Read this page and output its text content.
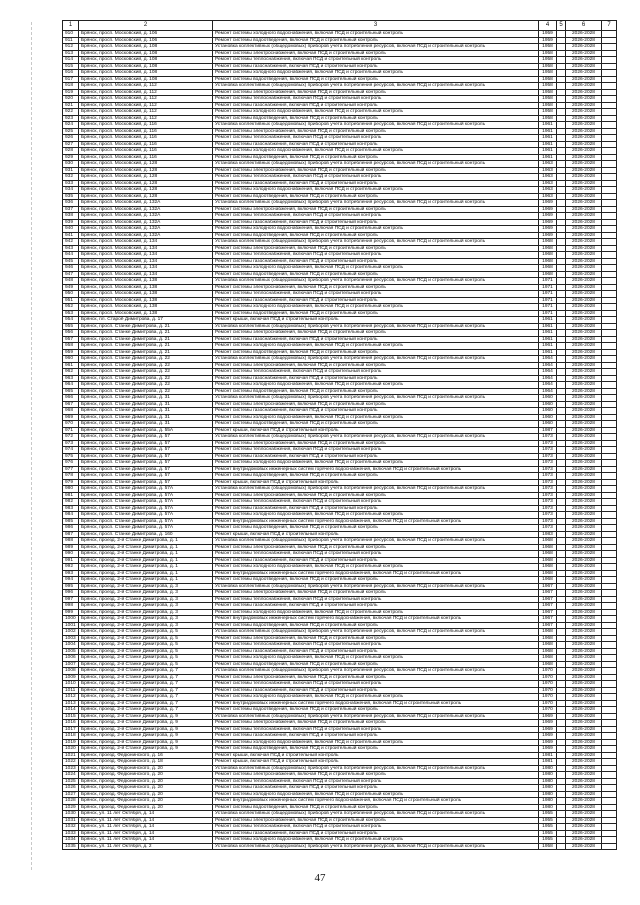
1	2	3	4	5	6	7
910	Брянск, просп. Московский, д. 106	Ремонт системы холодного водоснабжения, включая ПСД и строительный контроль	1959		2026-2028	
911	Брянск, просп. Московский, д. 106	Ремонт системы водоотведения, включая ПСД и строительный контроль	1959		2026-2028	
912	Брянск, просп. Московский, д. 108	Установка коллективных (общедомовых) приборов учета потребления ресурсов, включая ПСД и строительный контроль	1958		2026-2028	
913	Брянск, просп. Московский, д. 108	Ремонт системы электроснабжения, включая ПСД и строительный контроль	1958		2026-2028	
914	Брянск, просп. Московский, д. 108	Ремонт системы теплоснабжения, включая ПСД и строительный контроль	1958		2026-2028	
915	Брянск, просп. Московский, д. 108	Ремонт системы газоснабжения, включая ПСД и строительный контроль	1958		2026-2028	
916	Брянск, просп. Московский, д. 108	Ремонт системы холодного водоснабжения, включая ПСД и строительный контроль	1958		2026-2028	
917	Брянск, просп. Московский, д. 108	Ремонт системы водоотведения, включая ПСД и строительный контроль	1958		2026-2028	
918	Брянск, просп. Московский, д. 112	Установка коллективных (общедомовых) приборов учета потребления ресурсов, включая ПСД и строительный контроль	1958		2026-2028	
919	Брянск, просп. Московский, д. 112	Ремонт системы электроснабжения, включая ПСД и строительный контроль	1958		2026-2028	
920	Брянск, просп. Московский, д. 112	Ремонт системы теплоснабжения, включая ПСД и строительный контроль	1958		2026-2028	
921	Брянск, просп. Московский, д. 112	Ремонт системы газоснабжения, включая ПСД и строительный контроль	1958		2026-2028	
922	Брянск, просп. Московский, д. 112	Ремонт системы холодного водоснабжения, включая ПСД и строительный контроль	1958		2026-2028	
923	Брянск, просп. Московский, д. 112	Ремонт системы водоотведения, включая ПСД и строительный контроль	1958		2026-2028	
924	Брянск, просп. Московский, д. 116	Установка коллективных (общедомовых) приборов учета потребления ресурсов, включая ПСД и строительный контроль	1961		2026-2028	
925	Брянск, просп. Московский, д. 116	Ремонт системы электроснабжения, включая ПСД и строительный контроль	1961		2026-2028	
926	Брянск, просп. Московский, д. 116	Ремонт системы теплоснабжения, включая ПСД и строительный контроль	1961		2026-2028	
927	Брянск, просп. Московский, д. 116	Ремонт системы газоснабжения, включая ПСД и строительный контроль	1961		2026-2028	
928	Брянск, просп. Московский, д. 116	Ремонт системы холодного водоснабжения, включая ПСД и строительный контроль	1961		2026-2028	
929	Брянск, просп. Московский, д. 116	Ремонт системы водоотведения, включая ПСД и строительный контроль	1961		2026-2028	
930	Брянск, просп. Московский, д. 128	Установка коллективных (общедомовых) приборов учета потребления ресурсов, включая ПСД и строительный контроль	1963		2026-2028	
931	Брянск, просп. Московский, д. 128	Ремонт системы электроснабжения, включая ПСД и строительный контроль	1963		2026-2028	
932	Брянск, просп. Московский, д. 128	Ремонт системы теплоснабжения, включая ПСД и строительный контроль	1963		2026-2028	
933	Брянск, просп. Московский, д. 128	Ремонт системы газоснабжения, включая ПСД и строительный контроль	1963		2026-2028	
934	Брянск, просп. Московский, д. 128	Ремонт системы холодного водоснабжения, включая ПСД и строительный контроль	1963		2026-2028	
935	Брянск, просп. Московский, д. 128	Ремонт системы водоотведения, включая ПСД и строительный контроль	1963		2026-2028	
936	Брянск, просп. Московский, д. 132А	Установка коллективных (общедомовых) приборов учета потребления ресурсов, включая ПСД и строительный контроль	1969		2026-2028	
937	Брянск, просп. Московский, д. 132А	Ремонт системы электроснабжения, включая ПСД и строительный контроль	1969		2026-2028	
938	Брянск, просп. Московский, д. 132А	Ремонт системы теплоснабжения, включая ПСД и строительный контроль	1969		2026-2028	
939	Брянск, просп. Московский, д. 132А	Ремонт системы газоснабжения, включая ПСД и строительный контроль	1969		2026-2028	
940	Брянск, просп. Московский, д. 132А	Ремонт системы холодного водоснабжения, включая ПСД и строительный контроль	1969		2026-2028	
941	Брянск, просп. Московский, д. 132А	Ремонт системы водоотведения, включая ПСД и строительный контроль	1969		2026-2028	
942	Брянск, просп. Московский, д. 134	Установка коллективных (общедомовых) приборов учета потребления ресурсов, включая ПСД и строительный контроль	1968		2026-2028	
943	Брянск, просп. Московский, д. 134	Ремонт системы электроснабжения, включая ПСД и строительный контроль	1968		2026-2028	
944	Брянск, просп. Московский, д. 134	Ремонт системы теплоснабжения, включая ПСД и строительный контроль	1968		2026-2028	
945	Брянск, просп. Московский, д. 134	Ремонт системы газоснабжения, включая ПСД и строительный контроль	1968		2026-2028	
946	Брянск, просп. Московский, д. 134	Ремонт системы холодного водоснабжения, включая ПСД и строительный контроль	1968		2026-2028	
947	Брянск, просп. Московский, д. 134	Ремонт системы водоотведения, включая ПСД и строительный контроль	1968		2026-2028	
948	Брянск, просп. Московский, д. 138	Установка коллективных (общедомовых) приборов учета потребления ресурсов, включая ПСД и строительный контроль	1971		2026-2028	
949	Брянск, просп. Московский, д. 138	Ремонт системы электроснабжения, включая ПСД и строительный контроль	1971		2026-2028	
950	Брянск, просп. Московский, д. 138	Ремонт системы теплоснабжения, включая ПСД и строительный контроль	1971		2026-2028	
951	Брянск, просп. Московский, д. 138	Ремонт системы газоснабжения, включая ПСД и строительный контроль	1971		2026-2028	
952	Брянск, просп. Московский, д. 138	Ремонт системы холодного водоснабжения, включая ПСД и строительный контроль	1971		2026-2028	
953	Брянск, просп. Московский, д. 138	Ремонт системы водоотведения, включая ПСД и строительный контроль	1971		2026-2028	
954	Брянск, пл. Староё Димитрова, д. 17	Ремонт крыши, включая ПСД и строительный контроль	1961		2026-2028	
955	Брянск, просп. Станке Димитрова, д. 21	Установка коллективных (общедомовых) приборов учета потребления ресурсов, включая ПСД и строительный контроль	1961		2026-2028	
956	Брянск, просп. Станке Димитрова, д. 21	Ремонт системы электроснабжения, включая ПСД и строительный контроль	1961		2026-2028	
957	Брянск, просп. Станке Димитрова, д. 21	Ремонт системы газоснабжения, включая ПСД и строительный контроль	1961		2026-2028	
958	Брянск, просп. Станке Димитрова, д. 21	Ремонт системы холодного водоснабжения, включая ПСД и строительный контроль	1961		2026-2028	
959	Брянск, просп. Станке Димитрова, д. 21	Ремонт системы водоотведения, включая ПСД и строительный контроль	1961		2026-2028	
960	Брянск, просп. Станке Димитрова, д. 22	Установка коллективных (общедомовых) приборов учета потребления ресурсов, включая ПСД и строительный контроль	1964		2026-2028	
961	Брянск, просп. Станке Димитрова, д. 22	Ремонт системы электроснабжения, включая ПСД и строительный контроль	1964		2026-2028	
962	Брянск, просп. Станке Димитрова, д. 22	Ремонт системы теплоснабжения, включая ПСД и строительный контроль	1964		2026-2028	
963	Брянск, просп. Станке Димитрова, д. 22	Ремонт системы газоснабжения, включая ПСД и строительный контроль	1964		2026-2028	
964	Брянск, просп. Станке Димитрова, д. 22	Ремонт системы холодного водоснабжения, включая ПСД и строительный контроль	1964		2026-2028	
965	Брянск, просп. Станке Димитрова, д. 22	Ремонт системы водоотведения, включая ПСД и строительный контроль	1964		2026-2028	
966	Брянск, просп. Станке Димитрова, д. 31	Установка коллективных (общедомовых) приборов учета потребления ресурсов, включая ПСД и строительный контроль	1960		2026-2028	
967	Брянск, просп. Станке Димитрова, д. 31	Ремонт системы электроснабжения, включая ПСД и строительный контроль	1960		2026-2028	
968	Брянск, просп. Станке Димитрова, д. 31	Ремонт системы газоснабжения, включая ПСД и строительный контроль	1960		2026-2028	
969	Брянск, просп. Станке Димитрова, д. 31	Ремонт системы холодного водоснабжения, включая ПСД и строительный контроль	1960		2026-2028	
970	Брянск, просп. Станке Димитрова, д. 31	Ремонт системы водоотведения, включая ПСД и строительный контроль	1960		2026-2028	
971	Брянск, просп. Станке Димитрова, д. 55А	Ремонт крыши, включая ПСД и строительный контроль	1987		2026-2028	
972	Брянск, просп. Станке Димитрова, д. 57	Установка коллективных (общедомовых) приборов учета потребления ресурсов, включая ПСД и строительный контроль	1973		2026-2028	
973	Брянск, просп. Станке Димитрова, д. 57	Ремонт системы электроснабжения, включая ПСД и строительный контроль	1973		2026-2028	
974	Брянск, просп. Станке Димитрова, д. 57	Ремонт системы теплоснабжения, включая ПСД и строительный контроль	1973		2026-2028	
975	Брянск, просп. Станке Димитрова, д. 57	Ремонт системы газоснабжения, включая ПСД и строительный контроль	1973		2026-2028	
976	Брянск, просп. Станке Димитрова, д. 57	Ремонт системы холодного водоснабжения, включая ПСД и строительный контроль	1973		2026-2028	
977	Брянск, просп. Станке Димитрова, д. 57	Ремонт внутридомовых инженерных систем горячего водоснабжения, включая ПСД и строительный контроль	1973		2026-2028	
978	Брянск, просп. Станке Димитрова, д. 57	Ремонт системы водоотведения, включая ПСД и строительный контроль	1973		2026-2028	
979	Брянск, просп. Станке Димитрова, д. 57	Ремонт крыши, включая ПСД и строительный контроль	1973		2026-2028	
980	Брянск, просп. Станке Димитрова, д. 57А	Установка коллективных (общедомовых) приборов учета потребления ресурсов, включая ПСД и строительный контроль	1973		2026-2028	
981	Брянск, просп. Станке Димитрова, д. 57А	Ремонт системы электроснабжения, включая ПСД и строительный контроль	1973		2026-2028	
982	Брянск, просп. Станке Димитрова, д. 57А	Ремонт системы теплоснабжения, включая ПСД и строительный контроль	1973		2026-2028	
983	Брянск, просп. Станке Димитрова, д. 57А	Ремонт системы газоснабжения, включая ПСД и строительный контроль	1973		2026-2028	
984	Брянск, просп. Станке Димитрова, д. 57А	Ремонт системы холодного водоснабжения, включая ПСД и строительный контроль	1973		2026-2028	
985	Брянск, просп. Станке Димитрова, д. 57А	Ремонт внутридомовых инженерных систем горячего водоснабжения, включая ПСД и строительный контроль	1973		2026-2028	
986	Брянск, просп. Станке Димитрова, д. 57А	Ремонт системы водоотведения, включая ПСД и строительный контроль	1973		2026-2028	
987	Брянск, просп. Станке Димитрова, д. 160	Ремонт крыши, включая ПСД и строительный контроль	1983		2026-2028	
988	Брянск, проезд. 2-й Станке Димитрова, д. 1	Установка коллективных (общедомовых) приборов учета потребления ресурсов, включая ПСД и строительный контроль	1968		2026-2028	
989	Брянск, проезд. 2-й Станке Димитрова, д. 1	Ремонт системы электроснабжения, включая ПСД и строительный контроль	1968		2026-2028	
990	Брянск, проезд. 2-й Станке Димитрова, д. 1	Ремонт системы теплоснабжения, включая ПСД и строительный контроль	1968		2026-2028	
991	Брянск, проезд. 2-й Станке Димитрова, д. 1	Ремонт системы газоснабжения, включая ПСД и строительный контроль	1968		2026-2028	
992	Брянск, проезд. 2-й Станке Димитрова, д. 1	Ремонт системы холодного водоснабжения, включая ПСД и строительный контроль	1968		2026-2028	
993	Брянск, проезд. 2-й Станке Димитрова, д. 1	Ремонт внутридомовых инженерных систем горячего водоснабжения, включая ПСД и строительный контроль	1968		2026-2028	
994	Брянск, проезд. 2-й Станке Димитрова, д. 1	Ремонт системы водоотведения, включая ПСД и строительный контроль	1968		2026-2028	
995	Брянск, проезд. 2-й Станке Димитрова, д. 3	Установка коллективных (общедомовых) приборов учета потребления ресурсов, включая ПСД и строительный контроль	1967		2026-2028	
996	Брянск, проезд. 2-й Станке Димитрова, д. 3	Ремонт системы электроснабжения, включая ПСД и строительный контроль	1967		2026-2028	
997	Брянск, проезд. 2-й Станке Димитрова, д. 3	Ремонт системы теплоснабжения, включая ПСД и строительный контроль	1967		2026-2028	
998	Брянск, проезд. 2-й Станке Димитрова, д. 3	Ремонт системы газоснабжения, включая ПСД и строительный контроль	1967		2026-2028	
999	Брянск, проезд. 2-й Станке Димитрова, д. 3	Ремонт системы холодного водоснабжения, включая ПСД и строительный контроль	1967		2026-2028	
1000	Брянск, проезд. 2-й Станке Димитрова, д. 3	Ремонт внутридомовых инженерных систем горячего водоснабжения, включая ПСД и строительный контроль	1967		2026-2028	
1001	Брянск, проезд. 2-й Станке Димитрова, д. 3	Ремонт системы водоотведения, включая ПСД и строительный контроль	1967		2026-2028	
1002	Брянск, проезд. 2-й Станке Димитрова, д. 5	Установка коллективных (общедомовых) приборов учета потребления ресурсов, включая ПСД и строительный контроль	1968		2026-2028	
1003	Брянск, проезд. 2-й Станке Димитрова, д. 5	Ремонт системы электроснабжения, включая ПСД и строительный контроль	1968		2026-2028	
1004	Брянск, проезд. 2-й Станке Димитрова, д. 5	Ремонт системы теплоснабжения, включая ПСД и строительный контроль	1968		2026-2028	
1005	Брянск, проезд. 2-й Станке Димитрова, д. 5	Ремонт системы газоснабжения, включая ПСД и строительный контроль	1968		2026-2028	
1006	Брянск, проезд. 2-й Станке Димитрова, д. 5	Ремонт системы холодного водоснабжения, включая ПСД и строительный контроль	1968		2026-2028	
1007	Брянск, проезд. 2-й Станке Димитрова, д. 5	Ремонт системы водоотведения, включая ПСД и строительный контроль	1968		2026-2028	
1008	Брянск, проезд. 2-й Станке Димитрова, д. 7	Установка коллективных (общедомовых) приборов учета потребления ресурсов, включая ПСД и строительный контроль	1970		2026-2028	
1009	Брянск, проезд. 2-й Станке Димитрова, д. 7	Ремонт системы электроснабжения, включая ПСД и строительный контроль	1970		2026-2028	
1010	Брянск, проезд. 2-й Станке Димитрова, д. 7	Ремонт системы теплоснабжения, включая ПСД и строительный контроль	1970		2026-2028	
1011	Брянск, проезд. 2-й Станке Димитрова, д. 7	Ремонт системы газоснабжения, включая ПСД и строительный контроль	1970		2026-2028	
1012	Брянск, проезд. 2-й Станке Димитрова, д. 7	Ремонт системы холодного водоснабжения, включая ПСД и строительный контроль	1970		2026-2028	
1013	Брянск, проезд. 2-й Станке Димитрова, д. 7	Ремонт внутридомовых инженерных систем горячего водоснабжения, включая ПСД и строительный контроль	1970		2026-2028	
1014	Брянск, проезд. 2-й Станке Димитрова, д. 7	Ремонт системы водоотведения, включая ПСД и строительный контроль	1970		2026-2028	
1015	Брянск, проезд. 2-й Станке Димитрова, д. 9	Установка коллективных (общедомовых) приборов учета потребления ресурсов, включая ПСД и строительный контроль	1969		2026-2028	
1016	Брянск, проезд. 2-й Станке Димитрова, д. 9	Ремонт системы электроснабжения, включая ПСД и строительный контроль	1969		2026-2028	
1017	Брянск, проезд. 2-й Станке Димитрова, д. 9	Ремонт системы теплоснабжения, включая ПСД и строительный контроль	1969		2026-2028	
1018	Брянск, проезд. 2-й Станке Димитрова, д. 9	Ремонт системы газоснабжения, включая ПСД и строительный контроль	1969		2026-2028	
1019	Брянск, проезд. 2-й Станке Димитрова, д. 9	Ремонт системы холодного водоснабжения, включая ПСД и строительный контроль	1969		2026-2028	
1020	Брянск, проезд. 2-й Станке Димитрова, д. 9	Ремонт системы водоотведения, включая ПСД и строительный контроль	1969		2026-2028	
1021	Брянск, проезд. Федюнинского, д. 16	Ремонт крыши, включая ПСД и строительный контроль	1981		2026-2028	
1022	Брянск, проезд. Федюнинского, д. 18	Ремонт крыши, включая ПСД и строительный контроль	1981		2026-2028	
1023	Брянск, проезд. Федюнинского, д. 20	Установка коллективных (общедомовых) приборов учета потребления ресурсов, включая ПСД и строительный контроль	1980		2026-2028	
1024	Брянск, проезд. Федюнинского, д. 20	Ремонт системы электроснабжения, включая ПСД и строительный контроль	1980		2026-2028	
1025	Брянск, проезд. Федюнинского, д. 20	Ремонт системы теплоснабжения, включая ПСД и строительный контроль	1980		2026-2028	
1026	Брянск, проезд. Федюнинского, д. 20	Ремонт системы газоснабжения, включая ПСД и строительный контроль	1980		2026-2028	
1027	Брянск, проезд. Федюнинского, д. 20	Ремонт системы холодного водоснабжения, включая ПСД и строительный контроль	1980		2026-2028	
1028	Брянск, проезд. Федюнинского, д. 20	Ремонт внутридомовых инженерных систем горячего водоснабжения, включая ПСД и строительный контроль	1980		2026-2028	
1029	Брянск, проезд. Федюнинского, д. 20	Ремонт системы водоотведения, включая ПСД и строительный контроль	1980		2026-2028	
1030	Брянск, ул. 11 лет Октября, д. 14	Установка коллективных (общедомовых) приборов учета потребления ресурсов, включая ПСД и строительный контроль	1955		2026-2028	
1031	Брянск, ул. 11 лет Октября, д. 14	Ремонт системы электроснабжения, включая ПСД и строительный контроль	1955		2026-2028	
1032	Брянск, ул. 11 лет Октября, д. 14	Ремонт системы теплоснабжения, включая ПСД и строительный контроль	1955		2026-2028	
1033	Брянск, ул. 11 лет Октября, д. 14	Ремонт системы газоснабжения, включая ПСД и строительный контроль	1955		2026-2028	
1034	Брянск, ул. 11 лет Октября, д. 14	Ремонт системы холодного водоснабжения, включая ПСД и строительный контроль	1955		2026-2028	
1035	Брянск, ул. 11 лет Октября, д. 2	Установка коллективных (общедомовых) приборов учета потребления ресурсов, включая ПСД и строительный контроль	1958		2026-2028	
47
